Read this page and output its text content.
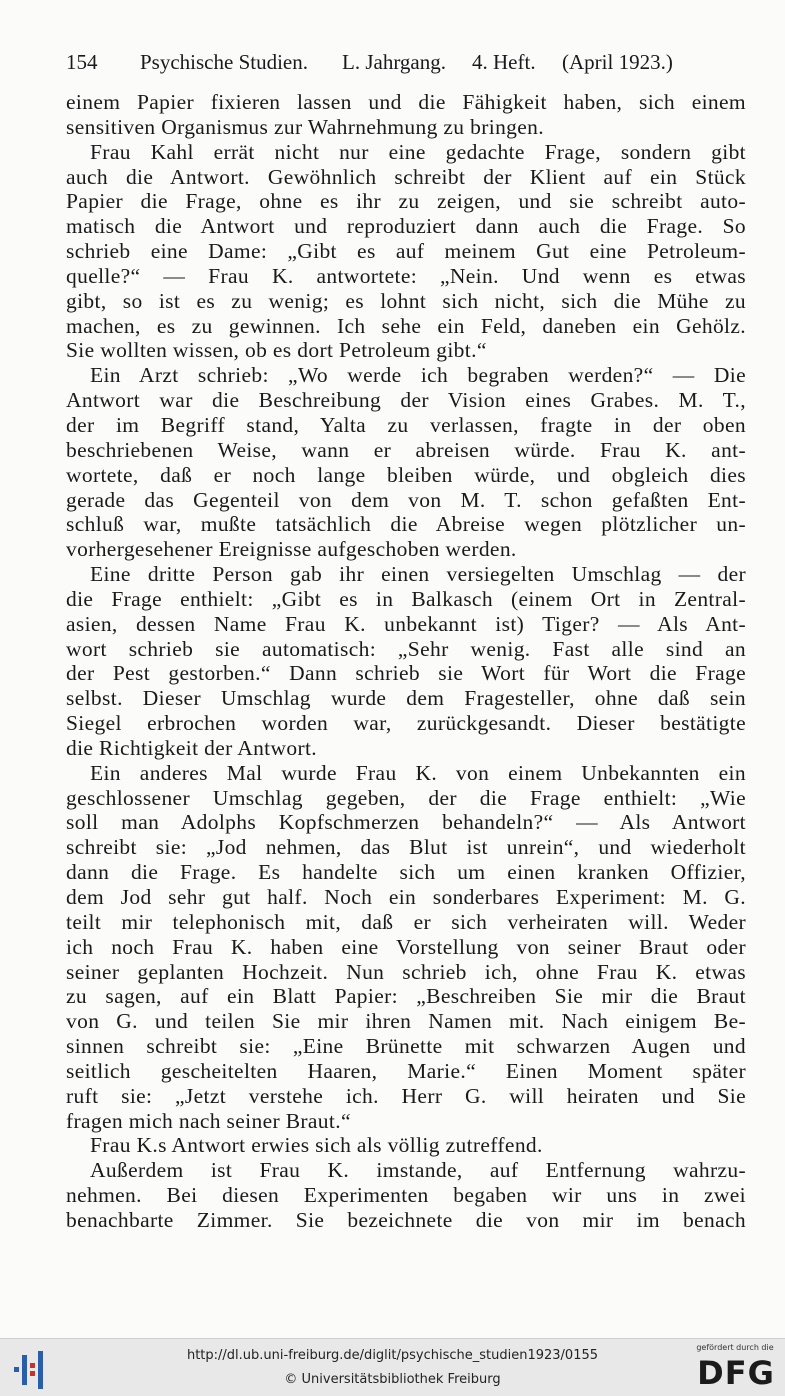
154 Psychische Studien. L. Jahrgang. 4. Heft. (April 1923.)
einem Papier fixieren lassen und die Fähigkeit haben, sich einem
sensitiven Organismus zur Wahrnehmung zu bringen.
Frau Kahl errät nicht nur eine gedachte Frage, sondern gibt
auch die Antwort. Gewöhnlich schreibt der Klient auf ein Stück
Papier die Frage, ohne es ihr zu zeigen, und sie schreibt auto-
matisch die Antwort und reproduziert dann auch die Frage. So
schrieb eine Dame: „Gibt es auf meinem Gut eine Petroleum-
quelle?“ — Frau K. antwortete: „Nein. Und wenn es etwas
gibt, so ist es zu wenig; es lohnt sich nicht, sich die Mühe zu
machen, es zu gewinnen. Ich sehe ein Feld, daneben ein Gehölz.
Sie wollten wissen, ob es dort Petroleum gibt.“
Ein Arzt schrieb: „Wo werde ich begraben werden?“ — Die
Antwort war die Beschreibung der Vision eines Grabes. M. T.,
der im Begriff stand, Yalta zu verlassen, fragte in der oben
beschriebenen Weise, wann er abreisen würde. Frau K. ant-
wortete, daß er noch lange bleiben würde, und obgleich dies
gerade das Gegenteil von dem von M. T. schon gefaßten Ent-
schluß war, mußte tatsächlich die Abreise wegen plötzlicher un-
vorhergesehener Ereignisse aufgeschoben werden.
Eine dritte Person gab ihr einen versiegelten Umschlag — der
die Frage enthielt: „Gibt es in Balkasch (einem Ort in Zentral-
asien, dessen Name Frau K. unbekannt ist) Tiger? — Als Ant-
wort schrieb sie automatisch: „Sehr wenig. Fast alle sind an
der Pest gestorben.“ Dann schrieb sie Wort für Wort die Frage
selbst. Dieser Umschlag wurde dem Fragesteller, ohne daß sein
Siegel erbrochen worden war, zurückgesandt. Dieser bestätigte
die Richtigkeit der Antwort.
Ein anderes Mal wurde Frau K. von einem Unbekannten ein
geschlossener Umschlag gegeben, der die Frage enthielt: „Wie
soll man Adolphs Kopfschmerzen behandeln?“ — Als Antwort
schreibt sie: „Jod nehmen, das Blut ist unrein“, und wiederholt
dann die Frage. Es handelte sich um einen kranken Offizier,
dem Jod sehr gut half. Noch ein sonderbares Experiment: M. G.
teilt mir telephonisch mit, daß er sich verheiraten will. Weder
ich noch Frau K. haben eine Vorstellung von seiner Braut oder
seiner geplanten Hochzeit. Nun schrieb ich, ohne Frau K. etwas
zu sagen, auf ein Blatt Papier: „Beschreiben Sie mir die Braut
von G. und teilen Sie mir ihren Namen mit. Nach einigem Be-
sinnen schreibt sie: „Eine Brünette mit schwarzen Augen und
seitlich gescheitelten Haaren, Marie.“ Einen Moment später
ruft sie: „Jetzt verstehe ich. Herr G. will heiraten und Sie
fragen mich nach seiner Braut.“
Frau K.s Antwort erwies sich als völlig zutreffend.
Außerdem ist Frau K. imstande, auf Entfernung wahrzu-
nehmen. Bei diesen Experimenten begaben wir uns in zwei
benachbarte Zimmer. Sie bezeichnete die von mir im benach
http://dl.ub.uni-freiburg.de/diglit/psychische_studien1923/0155
© Universitätsbibliothek Freiburg
gefördert durch die
DFG
